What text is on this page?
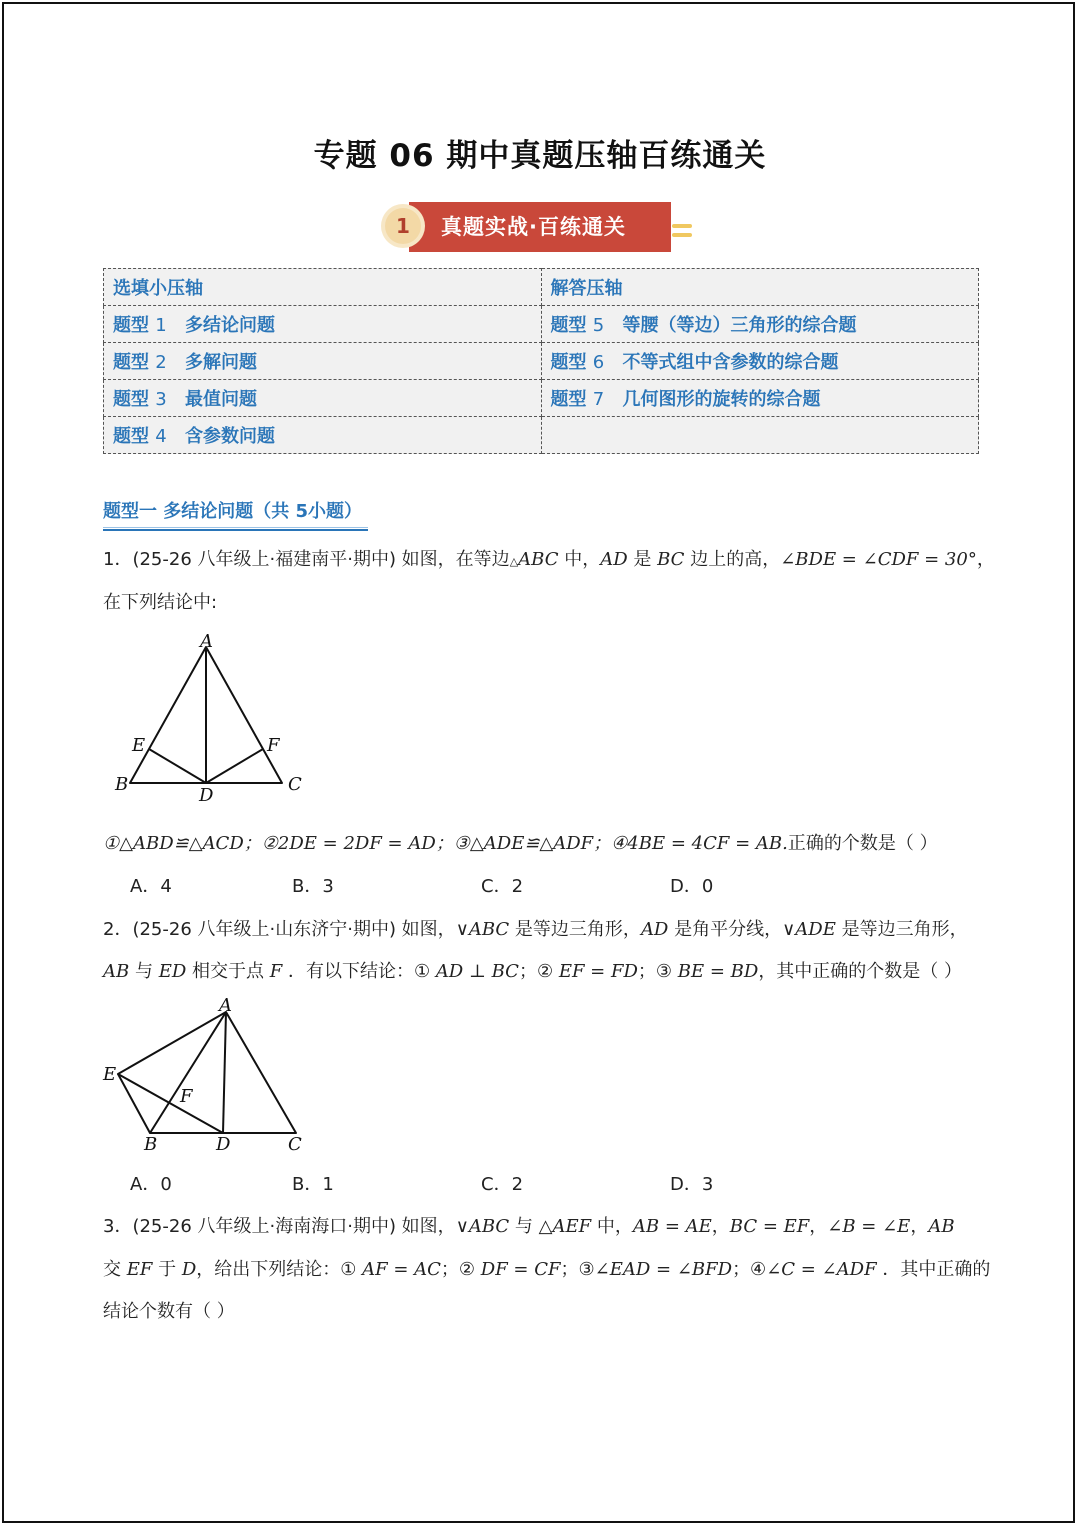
专题 06 期中真题压轴百练通关
真题实战·百练通关
1
选填小压轴	解答压轴
题型 1 多结论问题	题型 5 等腰（等边）三角形的综合题
题型 2 多解问题	题型 6 不等式组中含参数的综合题
题型 3 最值问题	题型 7 几何图形的旋转的综合题
题型 4 含参数问题	
题型一 多结论问题（共 5小题）
1．(25-26 八年级上·福建南平·期中) 如图，在等边△ABC 中，AD 是 BC 边上的高，∠BDE = ∠CDF = 30°，
在下列结论中:
A
E	F
B
D
C
①△ABD≌△ACD；②2DE = 2DF = AD；③△ADE≌△ADF；④4BE = 4CF = AB.正确的个数是（ ）
A．4	B．3	C．2	D．0
2．(25-26 八年级上·山东济宁·期中) 如图，∨ABC 是等边三角形，AD 是角平分线，∨ADE 是等边三角形，
AB 与 ED 相交于点 F ．有以下结论：① AD ⊥ BC；② EF = FD；③ BE = BD，其中正确的个数是（ ）
A
E
F
B	D	C
A．0	B．1	C．2	D．3
3．(25-26 八年级上·海南海口·期中) 如图，∨ABC 与 △AEF 中，AB = AE，BC = EF，∠B = ∠E，AB
交 EF 于 D，给出下列结论：① AF = AC；② DF = CF；③∠EAD = ∠BFD；④∠C = ∠ADF ．其中正确的
结论个数有（ ）
